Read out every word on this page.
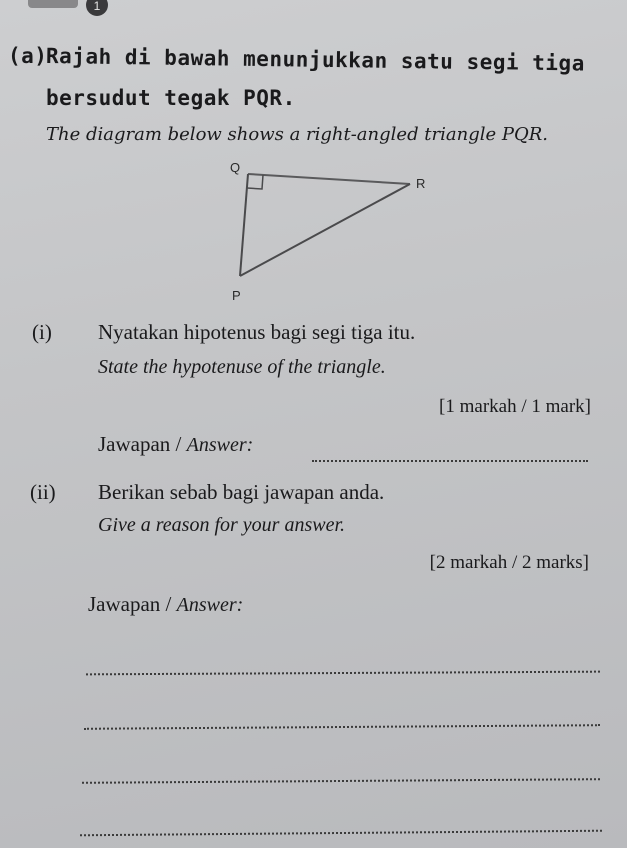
1
(a)
Rajah di bawah menunjukkan satu segi tiga
bersudut tegak PQR.
The diagram below shows a right-angled triangle PQR.
Q
R
P
(i) Nyatakan hipotenus bagi segi tiga itu.
State the hypotenuse of the triangle.
[1 markah / 1 mark]
Jawapan / Answer:
(ii) Berikan sebab bagi jawapan anda.
Give a reason for your answer.
[2 markah / 2 marks]
Jawapan / Answer:
